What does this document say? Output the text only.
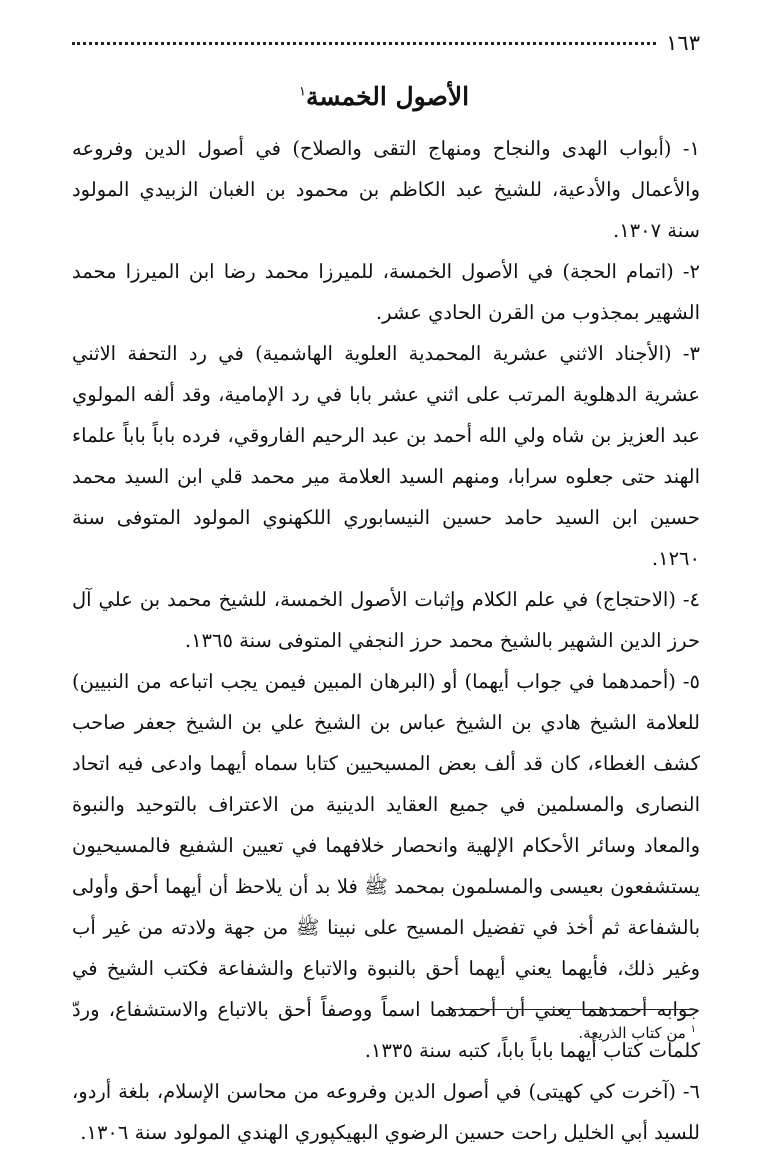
١٦٣
الأصول الخمسة$^١$

١- (أبواب الهدى والنجاح ومنهاج التقى والصلاح) في أصول الدين وفروعه والأعمال والأدعية، للشيخ عبد الكاظم بن محمود بن الغبان الزبيدي المولود سنة ١٣٠٧.

٢- (اتمام الحجة) في الأصول الخمسة، للميرزا محمد رضا ابن الميرزا محمد الشهير بمجذوب من القرن الحادي عشر.

٣- (الأجناد الاثني عشرية المحمدية العلوية الهاشمية) في رد التحفة الاثني عشرية الدهلوية المرتب على اثني عشر بابا في رد الإمامية، وقد ألفه المولوي عبد العزيز بن شاه ولي الله أحمد بن عبد الرحيم الفاروقي، فرده باباً باباً علماء الهند حتى جعلوه سرابا، ومنهم السيد العلامة مير محمد قلي ابن السيد محمد حسين ابن السيد حامد حسين النيسابوري اللكهنوي المولود المتوفى سنة ١٢٦٠.

٤- (الاحتجاج) في علم الكلام وإثبات الأصول الخمسة، للشيخ محمد بن علي آل حرز الدين الشهير بالشيخ محمد حرز النجفي المتوفى سنة ١٣٦٥.

٥- (أحمدهما في جواب أيهما) أو (البرهان المبين فيمن يجب اتباعه من النبيين) للعلامة الشيخ هادي بن الشيخ عباس بن الشيخ علي بن الشيخ جعفر صاحب كشف الغطاء، كان قد ألف بعض المسيحيين كتابا سماه أيهما وادعى فيه اتحاد النصارى والمسلمين في جميع العقايد الدينية من الاعتراف بالتوحيد والنبوة والمعاد وسائر الأحكام الإلهية وانحصار خلافهما في تعيين الشفيع فالمسيحيون يستشفعون بعيسى والمسلمون بمحمد ﷺ فلا بد أن يلاحظ أن أيهما أحق وأولى بالشفاعة ثم أخذ في تفضيل المسيح على نبينا ﷺ من جهة ولادته من غير أب وغير ذلك، فأيهما يعني أيهما أحق بالنبوة والاتباع والشفاعة فكتب الشيخ في جوابه أحمدهما يعني أن أحمدهما اسماً ووصفاً أحق بالاتباع والاستشفاع، وردّ كلمات كتاب أيهما باباً باباً، كتبه سنة ١٣٣٥.

٦- (آخرت كي كهيتى) في أصول الدين وفروعه من محاسن الإسلام، بلغة أردو، للسيد أبي الخليل راحت حسين الرضوي البهيكپوري الهندي المولود سنة ١٣٠٦.

$^١$ من كتاب الذريعة.
